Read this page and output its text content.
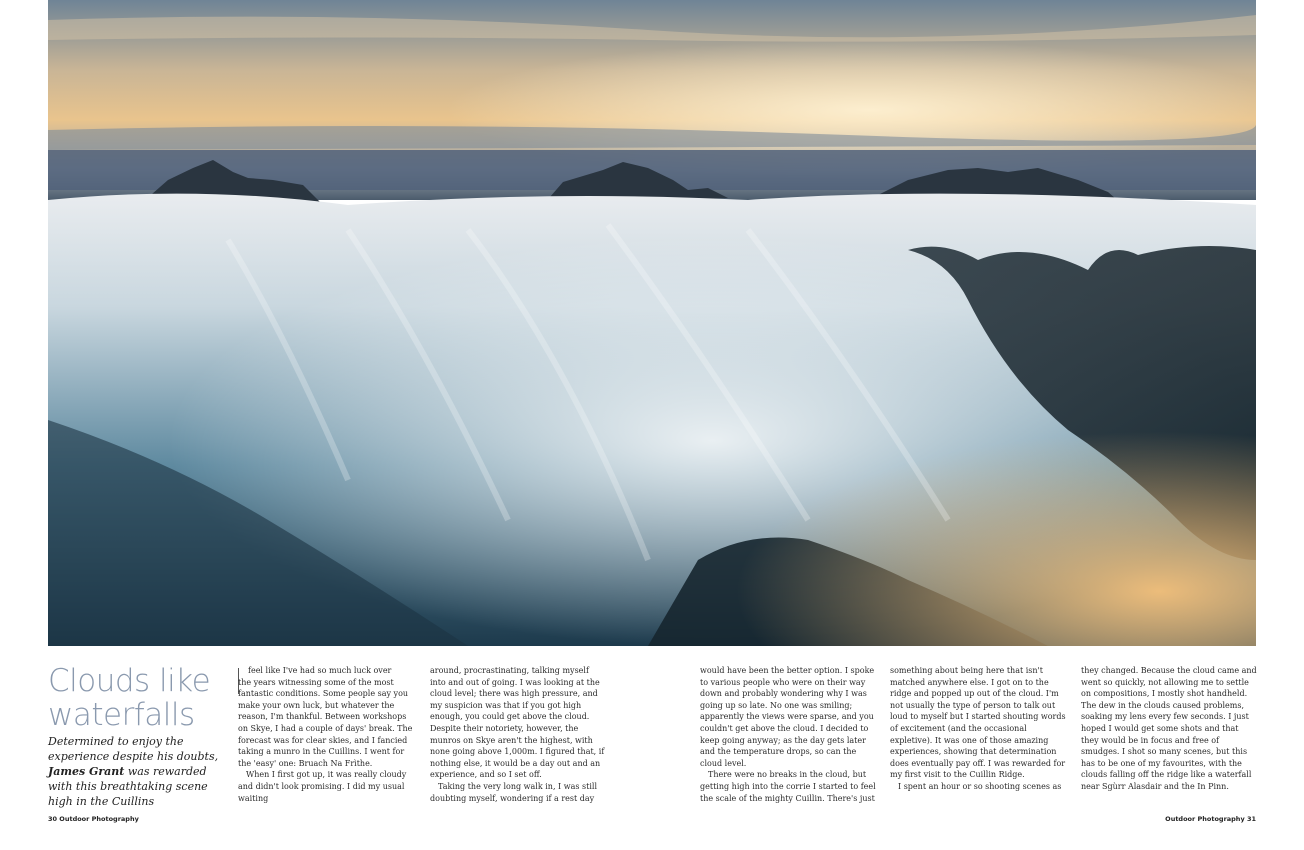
Clouds like
waterfalls
Determined to enjoy the experience despite his doubts, James Grant was rewarded with this breathtaking scene high in the Cuillins

feel like I've had so much luck over
the years witnessing some of the most fantastic conditions. Some people say you make your own luck, but whatever the reason, I'm thankful. Between workshops on Skye, I had a couple of days' break. The forecast was for clear skies, and I fancied taking a munro in the Cuillins. I went for the 'easy' one: Bruach Na Frìthe.

When I first got up, it was really cloudy and didn't look promising. I did my usual waiting

around, procrastinating, talking myself into and out of going. I was looking at the cloud level; there was high pressure, and my suspicion was that if you got high enough, you could get above the cloud. Despite their notoriety, however, the munros on Skye aren't the highest, with none going above 1,000m. I figured that, if nothing else, it would be a day out and an experience, and so I set off.

Taking the very long walk in, I was still doubting myself, wondering if a rest day

would have been the better option. I spoke to various people who were on their way down and probably wondering why I was going up so late. No one was smiling; apparently the views were sparse, and you couldn't get above the cloud. I decided to keep going anyway; as the day gets later and the temperature drops, so can the cloud level.

There were no breaks in the cloud, but getting high into the corrie I started to feel the scale of the mighty Cuillin. There's just

something about being here that isn't matched anywhere else. I got on to the ridge and popped up out of the cloud. I'm not usually the type of person to talk out loud to myself but I started shouting words of excitement (and the occasional expletive). It was one of those amazing experiences, showing that determination does eventually pay off. I was rewarded for my first visit to the Cuillin Ridge.

I spent an hour or so shooting scenes as

they changed. Because the cloud came and went so quickly, not allowing me to settle on compositions, I mostly shot handheld. The dew in the clouds caused problems, soaking my lens every few seconds. I just hoped I would get some shots and that they would be in focus and free of smudges. I shot so many scenes, but this has to be one of my favourites, with the clouds falling off the ridge like a waterfall near Sgùrr Alasdair and the In Pinn.

30 Outdoor Photography	Outdoor Photography 31
